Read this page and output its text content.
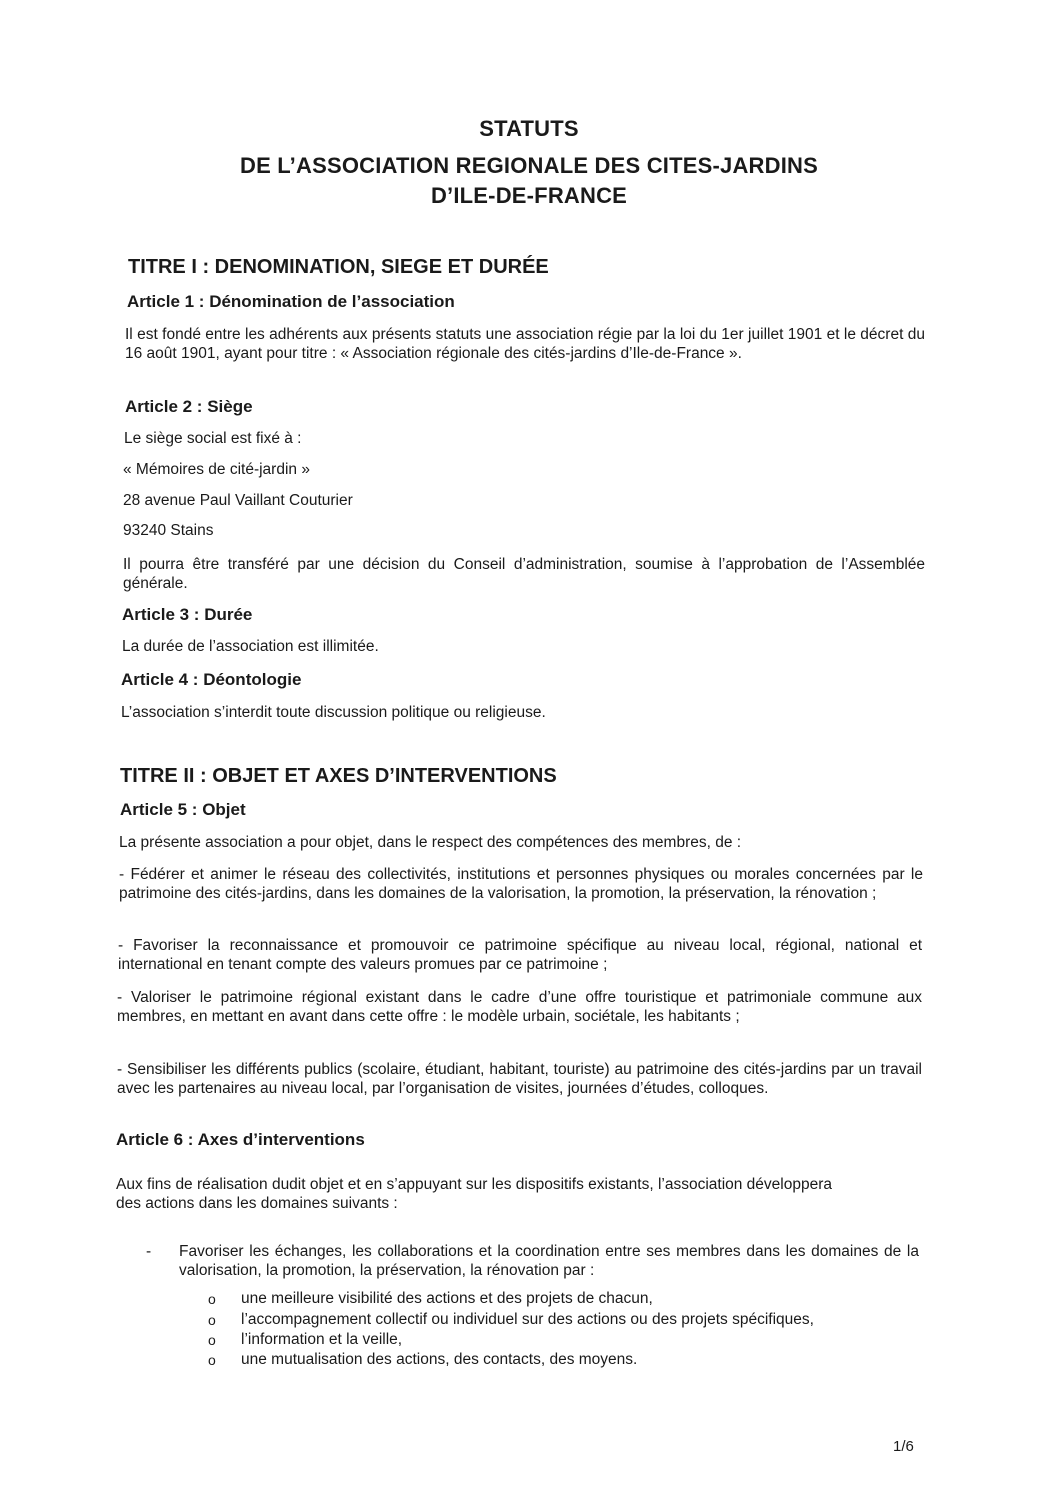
STATUTS
DE L’ASSOCIATION REGIONALE DES CITES-JARDINS
D’ILE-DE-FRANCE
TITRE I : DENOMINATION, SIEGE ET DURÉE
Article 1 : Dénomination de l’association
Il est fondé entre les adhérents aux présents statuts une association régie par la loi du 1er juillet 1901 et le décret du 16 août 1901, ayant pour titre : « Association régionale des cités-jardins d’Ile-de-France ».
Article 2 : Siège
Le siège social est fixé à :
« Mémoires de cité-jardin »
28 avenue Paul Vaillant Couturier
93240 Stains
Il pourra être transféré par une décision du Conseil d’administration, soumise à l’approbation de l’Assemblée générale.
Article 3 : Durée
La durée de l’association est illimitée.
Article 4 : Déontologie
L’association s’interdit toute discussion politique ou religieuse.
TITRE II : OBJET ET AXES D’INTERVENTIONS
Article 5 : Objet
La présente association a pour objet, dans le respect des compétences des membres, de :
- Fédérer et animer le réseau des collectivités, institutions et personnes physiques ou morales concernées par le patrimoine des cités-jardins, dans les domaines de la valorisation, la promotion, la préservation, la rénovation ;
- Favoriser la reconnaissance et promouvoir ce patrimoine spécifique au niveau local, régional, national et international en tenant compte des valeurs promues par ce patrimoine ;
- Valoriser le patrimoine régional existant dans le cadre d’une offre touristique et patrimoniale commune aux membres, en mettant en avant dans cette offre : le modèle urbain, sociétale, les habitants ;
- Sensibiliser les différents publics (scolaire, étudiant, habitant, touriste) au patrimoine des cités-jardins par un travail avec les partenaires au niveau local, par l’organisation de visites, journées d’études, colloques.
Article 6 : Axes d’interventions
Aux fins de réalisation dudit objet et en s’appuyant sur les dispositifs existants, l’association développera des actions dans les domaines suivants :
- Favoriser les échanges, les collaborations et la coordination entre ses membres dans les domaines de la valorisation, la promotion, la préservation, la rénovation par :
o une meilleure visibilité des actions et des projets de chacun,
o l’accompagnement collectif ou individuel sur des actions ou des projets spécifiques,
o l’information et la veille,
o une mutualisation des actions, des contacts, des moyens.
1/6
